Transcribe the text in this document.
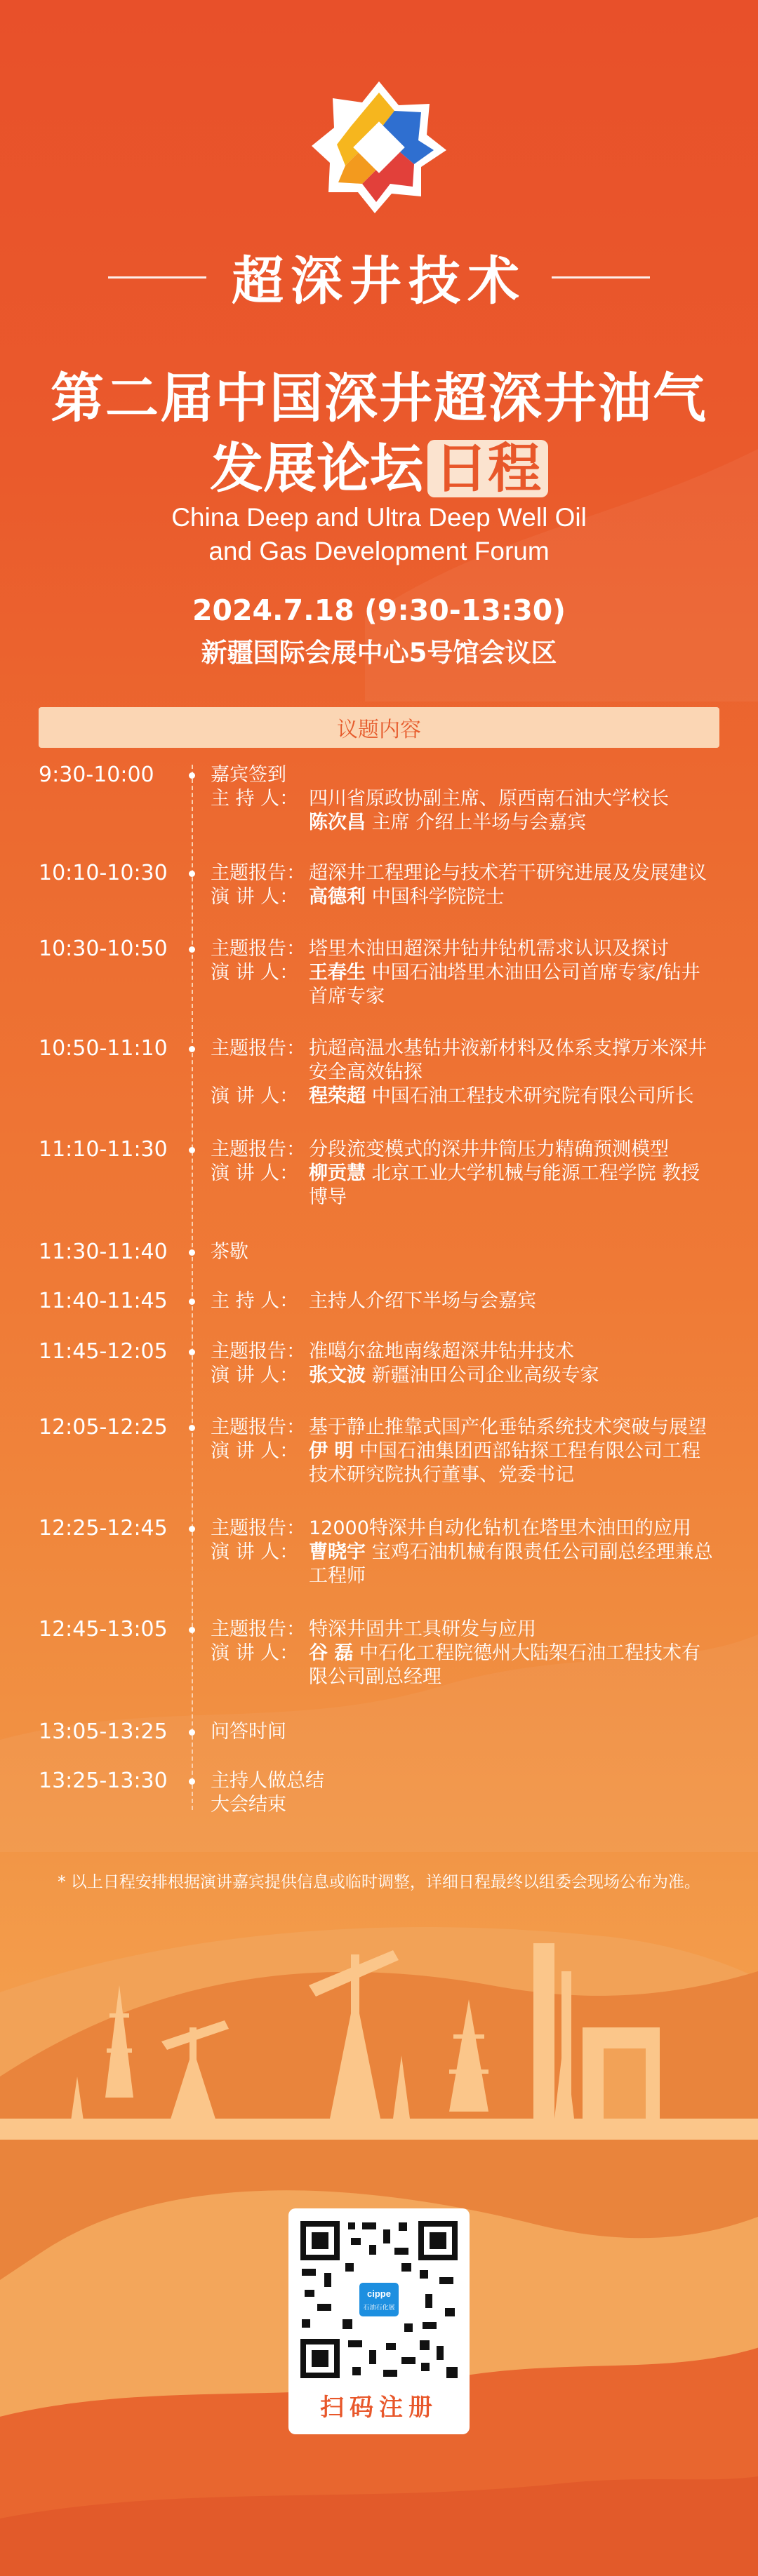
超深井技术
第二届中国深井超深井油气
发展论坛 日程
China Deep and Ultra Deep Well Oil
and Gas Development Forum
2024.7.18 (9:30-13:30)
新疆国际会展中心5号馆会议区
议题内容
9:30-10:00	嘉宾签到
主 持 人： 四川省原政协副主席、原西南石油大学校长
陈次昌 主席 介绍上半场与会嘉宾
10:10-10:30	主题报告： 超深井工程理论与技术若干研究进展及发展建议
演 讲 人： 高德利 中国科学院院士
10:30-10:50	主题报告： 塔里木油田超深井钻井钻机需求认识及探讨
演 讲 人： 王春生 中国石油塔里木油田公司首席专家/钻井首席专家
10:50-11:10	主题报告： 抗超高温水基钻井液新材料及体系支撑万米深井安全高效钻探
演 讲 人： 程荣超 中国石油工程技术研究院有限公司所长
11:10-11:30	主题报告： 分段流变模式的深井井筒压力精确预测模型
演 讲 人： 柳贡慧 北京工业大学机械与能源工程学院 教授博导
11:30-11:40	茶歇
11:40-11:45	主 持 人： 主持人介绍下半场与会嘉宾
11:45-12:05	主题报告： 准噶尔盆地南缘超深井钻井技术
演 讲 人： 张文波 新疆油田公司企业高级专家
12:05-12:25	主题报告： 基于静止推靠式国产化垂钻系统技术突破与展望
演 讲 人： 伊 明 中国石油集团西部钻探工程有限公司工程技术研究院执行董事、党委书记
12:25-12:45	主题报告： 12000特深井自动化钻机在塔里木油田的应用
演 讲 人： 曹晓宇 宝鸡石油机械有限责任公司副总经理兼总工程师
12:45-13:05	主题报告： 特深井固井工具研发与应用
演 讲 人： 谷 磊 中石化工程院德州大陆架石油工程技术有限公司副总经理
13:05-13:25	问答时间
13:25-13:30	主持人做总结
大会结束
* 以上日程安排根据演讲嘉宾提供信息或临时调整，详细日程最终以组委会现场公布为准。
cippe
石油石化展
扫码注册
